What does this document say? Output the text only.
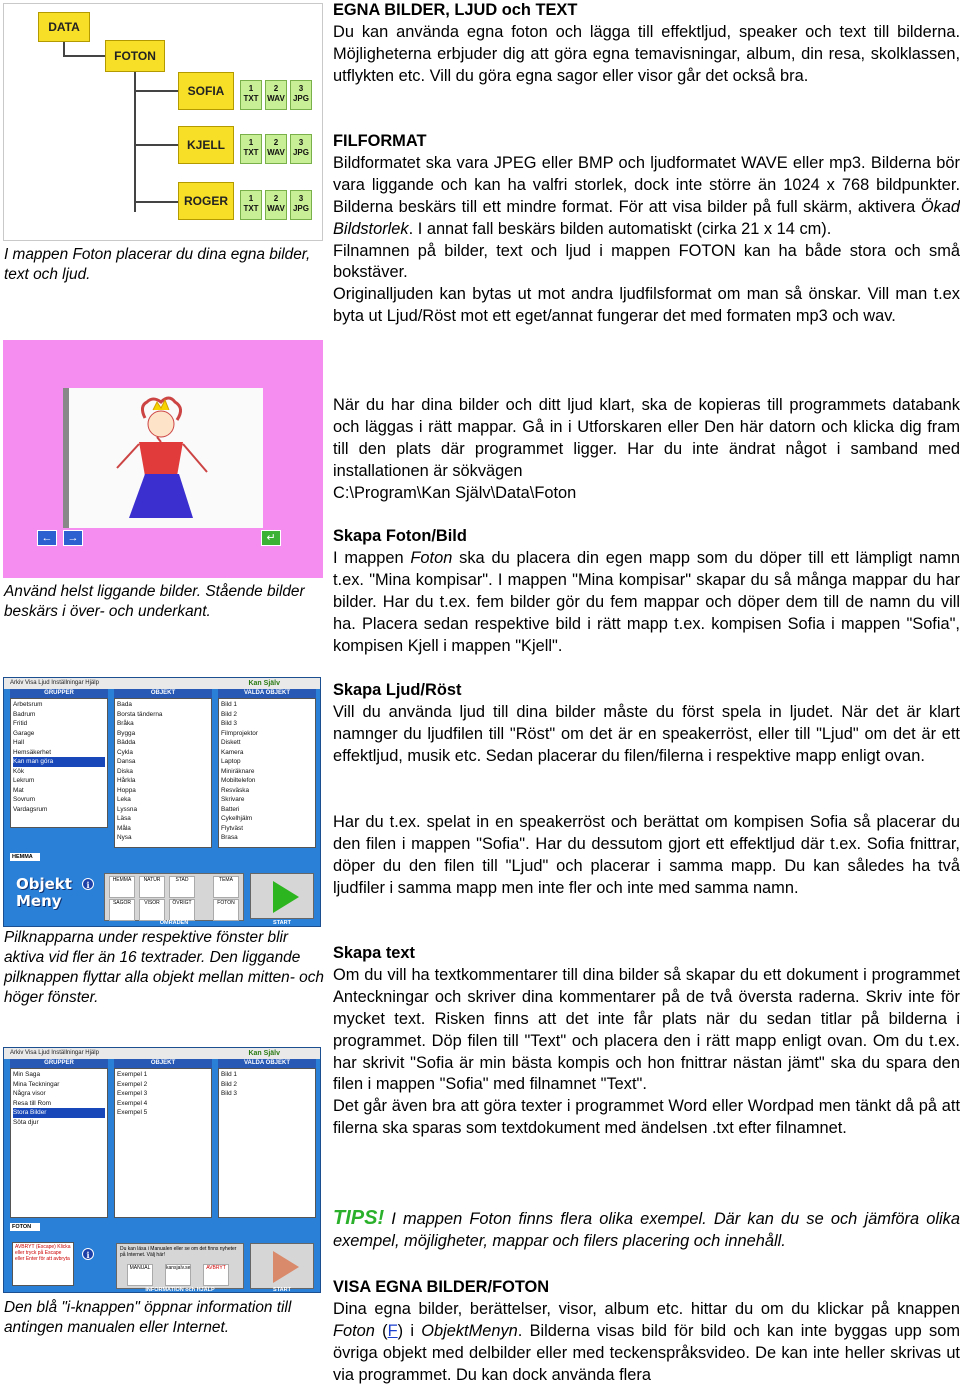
DATA
FOTON
SOFIA
KJELL
ROGER
1
TXT
2
WAV
3
JPG
1
TXT
2
WAV
3
JPG
1
TXT
2
WAV
3
JPG
I mappen Foton placerar du dina egna bilder, text och ljud.
←	→	↵
Använd helst liggande bilder. Stående bilder beskärs i över- och underkant.
Arkiv Visa Ljud Inställningar Hjälp	Kan Själv
GRUPPER	OBJEKT	VALDA OBJEKT
Arbetsrum
Badrum
Fritid
Garage
Hall
Hemsäkerhet
Kan man göra
Kök
Lekrum
Mat
Sovrum
Vardagsrum
Bada
Borsta tänderna
Bråka
Bygga
Bädda
Cykla
Dansa
Diska
Hårkla
Hoppa
Leka
Lyssna
Läsa
Måla
Nysa
Bild 1
Bild 2
Bild 3
Filmprojektor
Diskett
Kamera
Laptop
Miniräknare
Mobiltelefon
Resväska
Skrivare
Batteri
Cykelhjälm
Flytväst
Brasa
HEMMA
Objekt Meny
i	HEMMA	NATUR	STAD	TEMA
SAGOR	VISOR	ÖVRIGT	FOTON
OMRÅDEN	START
Pilknapparna under respektive fönster blir aktiva vid fler än 16 textrader. Den liggande pilknappen flyttar alla objekt mellan mitten- och höger fönster.
Arkiv Visa Ljud Inställningar Hjälp	Kan Själv
GRUPPER	OBJEKT	VALDA OBJEKT
Min Saga
Mina Teckningar
Några visor
Resa till Rom
Stora Bilder
Söta djur
Exempel 1
Exempel 2
Exempel 3
Exempel 4
Exempel 5
Bild 1
Bild 2
Bild 3
FOTON
AVBRYT (Escape) Klicka eller tryck på Escape eller Enter för att avbryta	i
Du kan läsa i Manualen eller se om det finns nyheter på Internet. Välj här!
MANUAL	kansjalv.se	AVBRYT
INFORMATION och HJÄLP	START
Den blå "i-knappen" öppnar information till antingen manualen eller Internet.
EGNA BILDER, LJUD och TEXT

Du kan använda egna foton och lägga till effektljud, speaker och text till bilderna. Möjligheterna erbjuder dig att göra egna temavisningar, album, din resa, skolklassen, utflykten etc. Vill du göra egna sagor eller visor går det också bra.

FILFORMAT

Bildformatet ska vara JPEG eller BMP och ljudformatet WAVE eller mp3. Bilderna bör vara liggande och kan ha valfri storlek, dock inte större än 1024 x 768 bildpunkter. Bilderna beskärs till ett mindre format. För att visa bilder på full skärm, aktivera Ökad Bildstorlek. I annat fall beskärs bilden automatiskt (cirka 21 x 14 cm).

Filnamnen på bilder, text och ljud i mappen FOTON kan ha både stora och små bokstäver.

Originalljuden kan bytas ut mot andra ljudfilsformat om man så önskar. Vill man t.ex byta ut Ljud/Röst mot ett eget/annat fungerar det med formaten mp3 och wav.

När du har dina bilder och ditt ljud klart, ska de kopieras till programmets databank och läggas i rätt mappar. Gå in i Utforskaren eller Den här datorn och klicka dig fram till den plats där programmet ligger. Har du inte ändrat något i samband med installationen är sökvägen

C:\Program\Kan Själv\Data\Foton
Skapa Foton/Bild

I mappen Foton ska du placera din egen mapp som du döper till ett lämpligt namn t.ex. "Mina kompisar". I mappen "Mina kompisar" skapar du så många mappar du har bilder. Har du t.ex. fem bilder gör du fem mappar och döper dem till de namn du vill ha. Placera sedan respektive bild i rätt mapp t.ex. kompisen Sofia i mappen "Sofia", kompisen Kjell i mappen "Kjell".

Skapa Ljud/Röst

Vill du använda ljud till dina bilder måste du först spela in ljudet. När det är klart namnger du ljudfilen till "Röst" om det är en speakerröst, eller till "Ljud" om det är ett effektljud, musik etc. Sedan placerar du filen/filerna i respektive mapp enligt ovan.

Har du t.ex. spelat in en speakerröst och berättat om kompisen Sofia så placerar du den filen i mappen "Sofia". Har du dessutom gjort ett effektljud där t.ex. Sofia fnittrar, döper du den filen till "Ljud" och placerar i samma mapp. Du kan således ha två ljudfiler i samma mapp men inte fler och inte med samma namn.

Skapa text

Om du vill ha textkommentarer till dina bilder så skapar du ett dokument i programmet Anteckningar och skriver dina kommentarer på de två översta raderna. Skriv inte för mycket text. Risken finns att det inte får plats när du sedan titlar på bilderna i programmet. Döp filen till "Text" och placera den i rätt mapp enligt ovan. Om du t.ex. har skrivit "Sofia är min bästa kompis och hon fnittrar nästan jämt" ska du spara den filen i mappen "Sofia" med filnamnet "Text".

Det går även bra att göra texter i programmet Word eller Wordpad men tänkt då på att filerna ska sparas som textdokument med ändelsen .txt efter filnamnet.

TIPS! I mappen Foton finns flera olika exempel. Där kan du se och jämföra olika exempel, möjligheter, mappar och filers placering och innehåll.

VISA EGNA BILDER/FOTON

Dina egna bilder, berättelser, visor, album etc. hittar du om du klickar på knappen Foton (F) i ObjektMenyn. Bilderna visas bild för bild och kan inte byggas upp som övriga objekt med delbilder eller med teckenspråksvideo. De kan inte heller skrivas ut via programmet. Du kan dock använda flera
